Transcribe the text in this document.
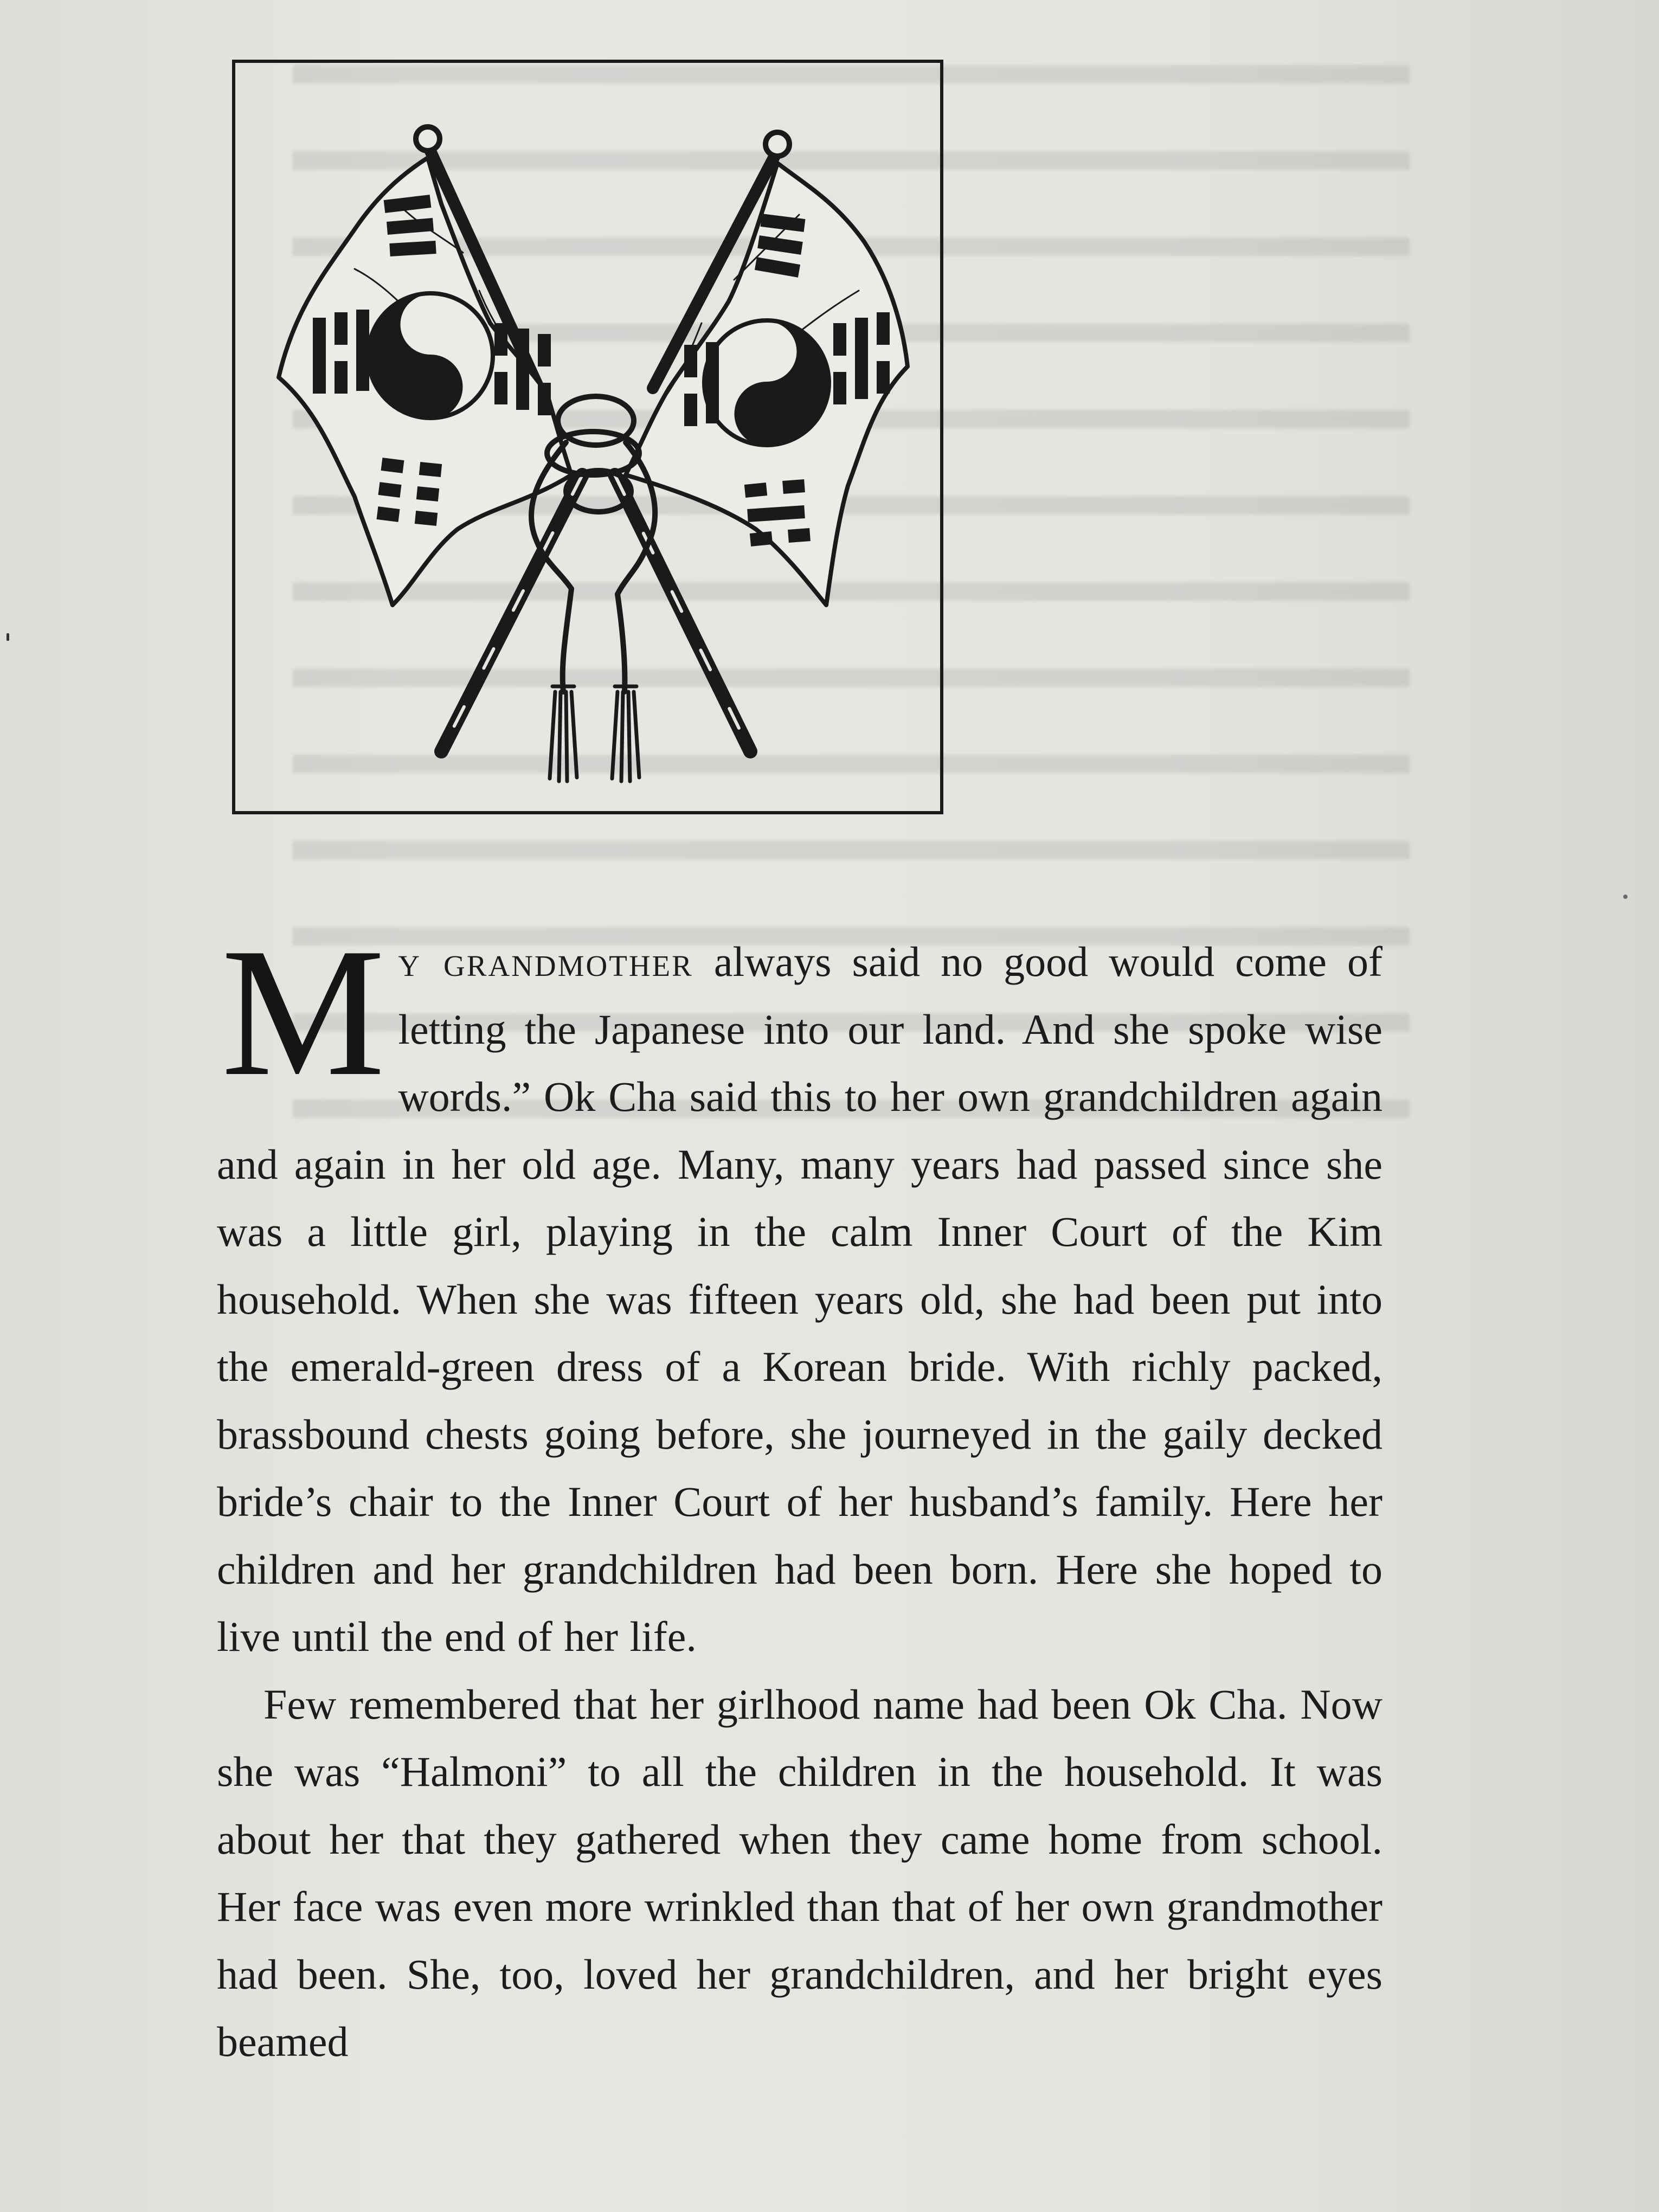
My grandmother always said no good would come of letting the Japanese into our land. And she spoke wise words.” Ok Cha said this to her own grandchildren again and again in her old age. Many, many years had passed since she was a little girl, playing in the calm Inner Court of the Kim household. When she was fifteen years old, she had been put into the emerald-green dress of a Korean bride. With richly packed, brassbound chests going before, she journeyed in the gaily decked bride’s chair to the Inner Court of her husband’s family. Here her children and her grandchildren had been born. Here she hoped to live until the end of her life.

Few remembered that her girlhood name had been Ok Cha. Now she was “Halmoni” to all the children in the household. It was about her that they gathered when they came home from school. Her face was even more wrinkled than that of her own grandmother had been. She, too, loved her grandchildren, and her bright eyes beamed
